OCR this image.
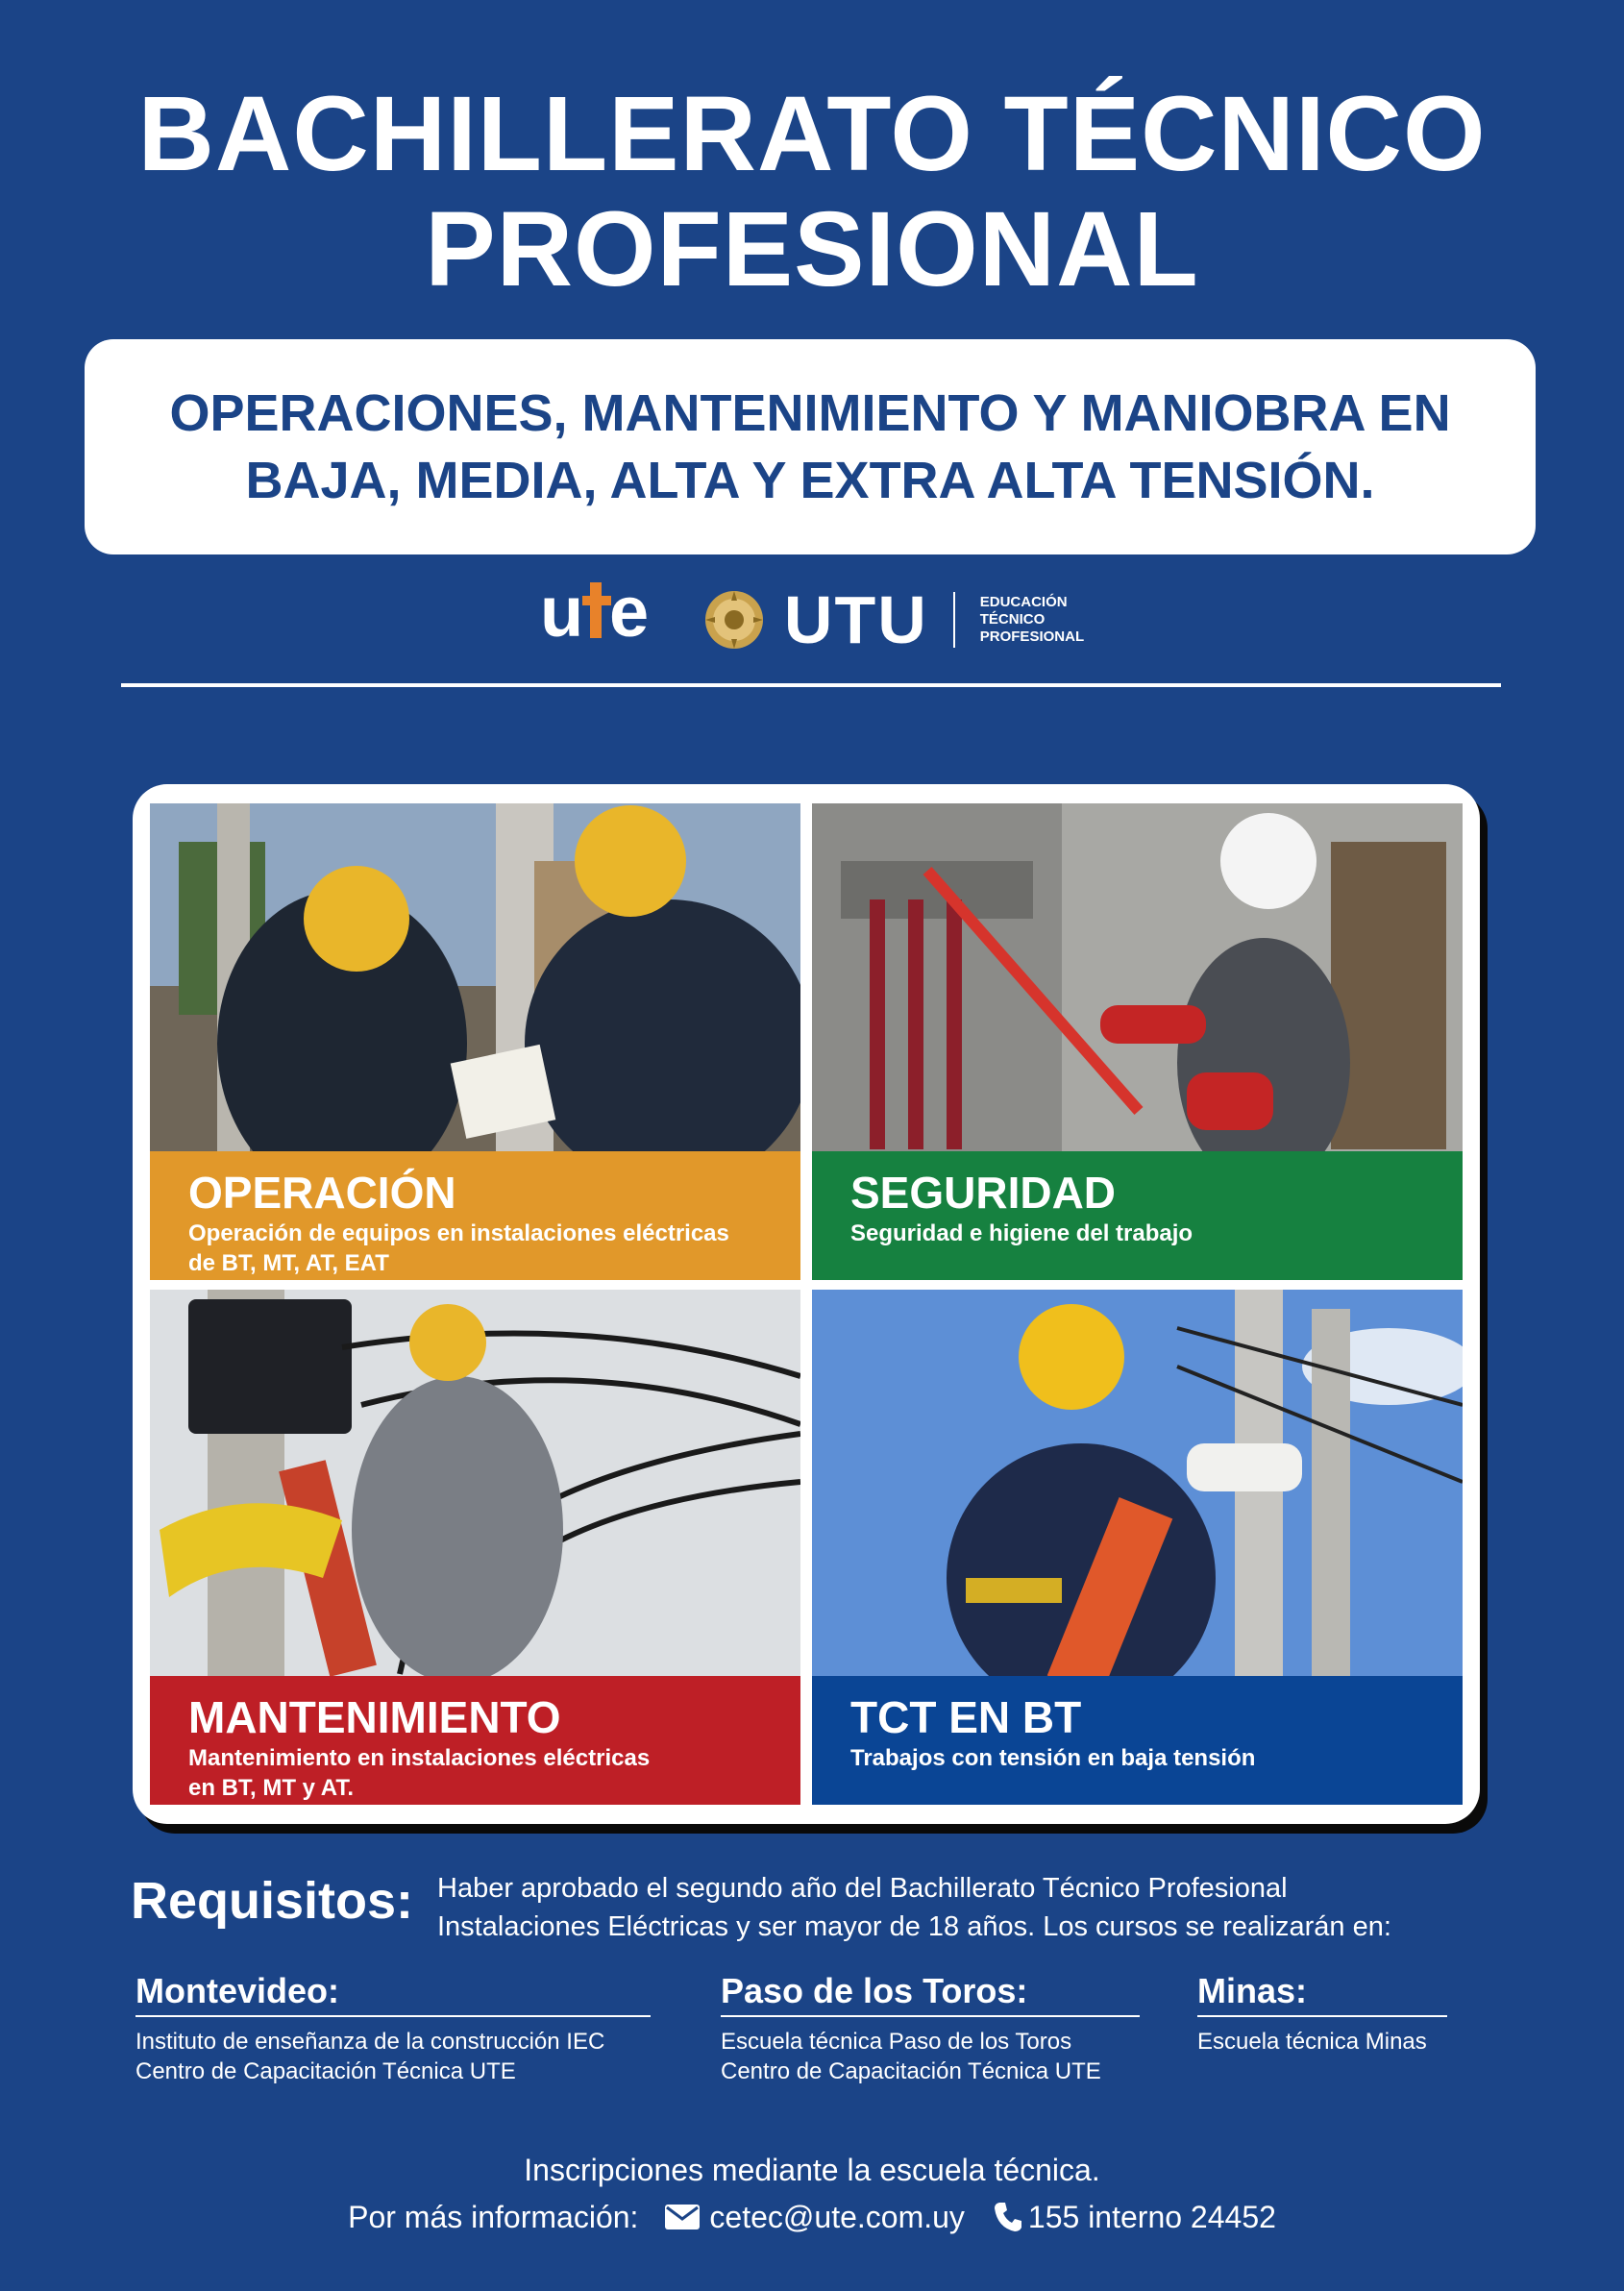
BACHILLERATO TÉCNICO
PROFESIONAL
OPERACIONES, MANTENIMIENTO Y MANIOBRA EN
BAJA, MEDIA, ALTA Y EXTRA ALTA TENSIÓN.
u e UTU	EDUCACIÓN
TÉCNICO
PROFESIONAL
OPERACIÓN
Operación de equipos en instalaciones eléctricas
de BT, MT, AT, EAT
SEGURIDAD
Seguridad e higiene del trabajo
MANTENIMIENTO
Mantenimiento en instalaciones eléctricas
en BT, MT y AT.
TCT EN BT
Trabajos con tensión en baja tensión
Requisitos: Haber aprobado el segundo año del Bachillerato Técnico Profesional
Instalaciones Eléctricas y ser mayor de 18 años. Los cursos se realizarán en:
Montevideo:
Instituto de enseñanza de la construcción IEC
Centro de Capacitación Técnica UTE
Paso de los Toros:
Escuela técnica Paso de los Toros
Centro de Capacitación Técnica UTE
Minas:
Escuela técnica Minas
Inscripciones mediante la escuela técnica.
Por más información: cetec@ute.com.uy 155 interno 24452
